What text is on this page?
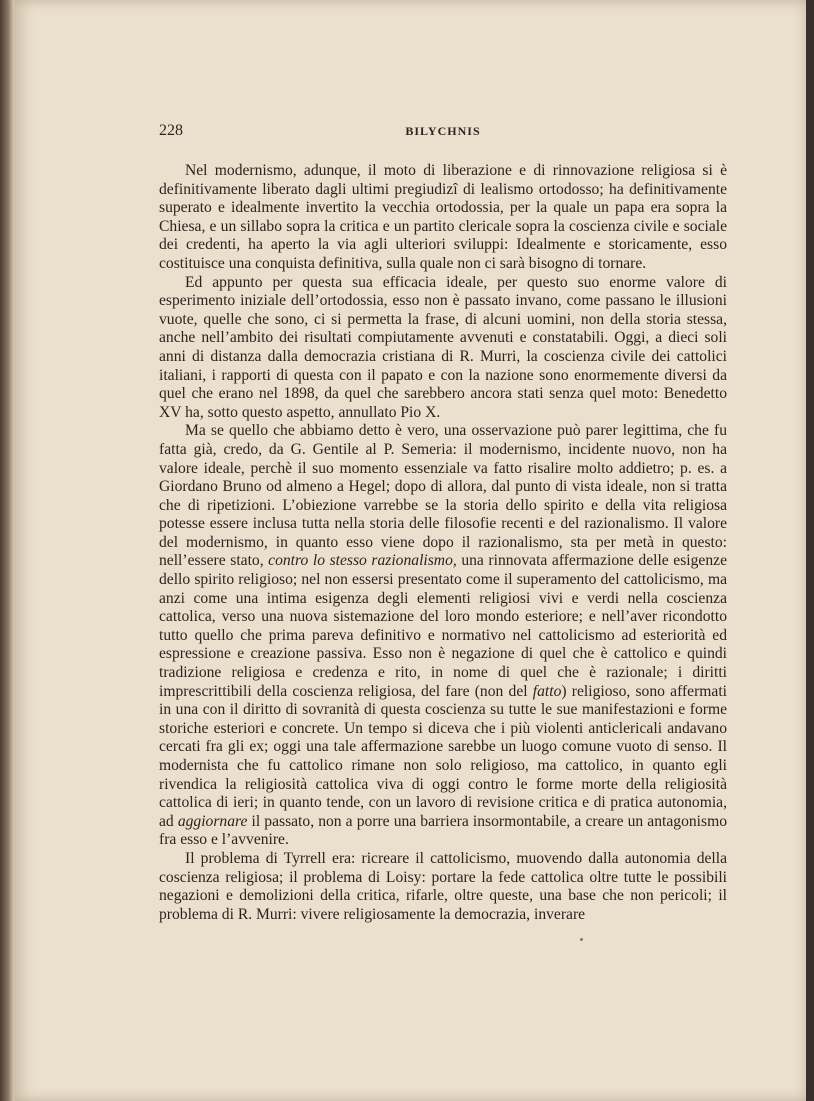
228	BILYCHNIS

Nel modernismo, adunque, il moto di liberazione e di rinnovazione religiosa si è definitivamente liberato dagli ultimi pregiudizî di lealismo ortodosso; ha definitivamente superato e idealmente invertito la vecchia ortodossia, per la quale un papa era sopra la Chiesa, e un sillabo sopra la critica e un partito clericale sopra la coscienza civile e sociale dei credenti, ha aperto la via agli ulteriori sviluppi: Idealmente e storicamente, esso costituisce una conquista definitiva, sulla quale non ci sarà bisogno di tornare.

Ed appunto per questa sua efficacia ideale, per questo suo enorme valore di esperimento iniziale dell’ortodossia, esso non è passato invano, come passano le illusioni vuote, quelle che sono, ci si permetta la frase, di alcuni uomini, non della storia stessa, anche nell’ambito dei risultati compiutamente avvenuti e constatabili. Oggi, a dieci soli anni di distanza dalla democrazia cristiana di R. Murri, la coscienza civile dei cattolici italiani, i rapporti di questa con il papato e con la nazione sono enormemente diversi da quel che erano nel 1898, da quel che sarebbero ancora stati senza quel moto: Benedetto XV ha, sotto questo aspetto, annullato Pio X.

Ma se quello che abbiamo detto è vero, una osservazione può parer legittima, che fu fatta già, credo, da G. Gentile al P. Semeria: il modernismo, incidente nuovo, non ha valore ideale, perchè il suo momento essenziale va fatto risalire molto addietro; p. es. a Giordano Bruno od almeno a Hegel; dopo di allora, dal punto di vista ideale, non si tratta che di ripetizioni. L’obiezione varrebbe se la storia dello spirito e della vita religiosa potesse essere inclusa tutta nella storia delle filosofie recenti e del razionalismo. Il valore del modernismo, in quanto esso viene dopo il razionalismo, sta per metà in questo: nell’essere stato, contro lo stesso razionalismo, una rinnovata affermazione delle esigenze dello spirito religioso; nel non essersi presentato come il superamento del cattolicismo, ma anzi come una intima esigenza degli elementi religiosi vivi e verdi nella coscienza cattolica, verso una nuova sistemazione del loro mondo esteriore; e nell’aver ricondotto tutto quello che prima pareva definitivo e normativo nel cattolicismo ad esteriorità ed espressione e creazione passiva. Esso non è negazione di quel che è cattolico e quindi tradizione religiosa e credenza e rito, in nome di quel che è razionale; i diritti imprescrittibili della coscienza religiosa, del fare (non del fatto) religioso, sono affermati in una con il diritto di sovranità di questa coscienza su tutte le sue manifestazioni e forme storiche esteriori e concrete. Un tempo si diceva che i più violenti anticlericali andavano cercati fra gli ex; oggi una tale affermazione sarebbe un luogo comune vuoto di senso. Il modernista che fu cattolico rimane non solo religioso, ma cattolico, in quanto egli rivendica la religiosità cattolica viva di oggi contro le forme morte della religiosità cattolica di ieri; in quanto tende, con un lavoro di revisione critica e di pratica autonomia, ad aggiornare il passato, non a porre una barriera insormontabile, a creare un antagonismo fra esso e l’avvenire.

Il problema di Tyrrell era: ricreare il cattolicismo, muovendo dalla autonomia della coscienza religiosa; il problema di Loisy: portare la fede cattolica oltre tutte le possibili negazioni e demolizioni della critica, rifarle, oltre queste, una base che non pericoli; il problema di R. Murri: vivere religiosamente la democrazia, inverare
